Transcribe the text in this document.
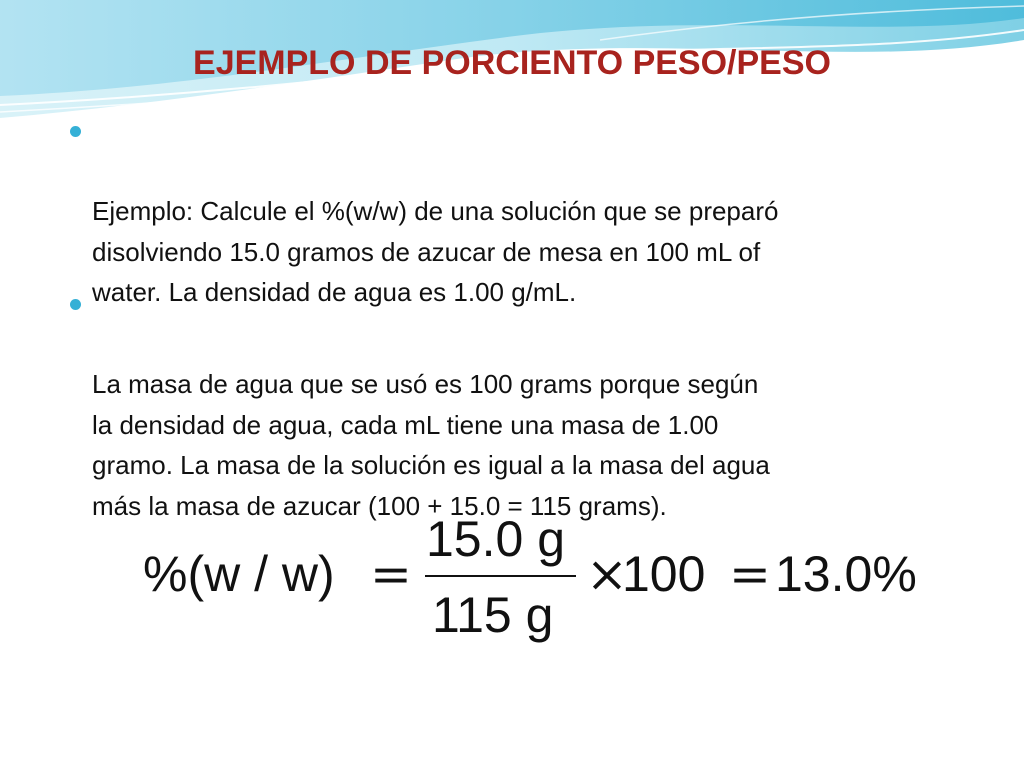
EJEMPLO DE PORCIENTO PESO/PESO

Ejemplo: Calcule el %(w/w) de una solución que se preparó
disolviendo 15.0 gramos de azucar de mesa en 100 mL of
water. La densidad de agua es 1.00 g/mL.

La masa de agua que se usó es 100 grams porque según
la densidad de agua, cada mL tiene una masa de 1.00
gramo. La masa de la solución es igual a la masa del agua
más la masa de azucar (100 + 15.0 = 115 grams).

%(w / w) =
15.0 g
115 g
×
100 = 13.0%
